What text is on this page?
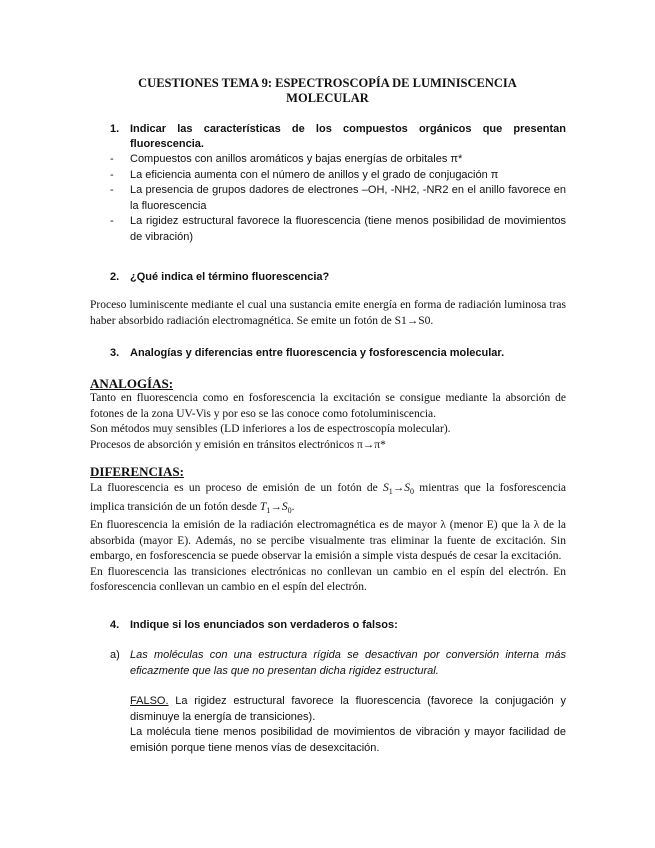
CUESTIONES TEMA 9: ESPECTROSCOPÍA DE LUMINISCENCIA
MOLECULAR
1. Indicar las características de los compuestos orgánicos que presentan fluorescencia.
- Compuestos con anillos aromáticos y bajas energías de orbitales π*
- La eficiencia aumenta con el número de anillos y el grado de conjugación π
- La presencia de grupos dadores de electrones –OH, -NH2, -NR2 en el anillo favorece en la fluorescencia
- La rigidez estructural favorece la fluorescencia (tiene menos posibilidad de movimientos de vibración)
2. ¿Qué indica el término fluorescencia?
Proceso luminiscente mediante el cual una sustancia emite energía en forma de radiación luminosa tras haber absorbido radiación electromagnética. Se emite un fotón de S1→S0.
3. Analogías y diferencias entre fluorescencia y fosforescencia molecular.
ANALOGÍAS:
Tanto en fluorescencia como en fosforescencia la excitación se consigue mediante la absorción de fotones de la zona UV-Vis y por eso se las conoce como fotoluminiscencia.
Son métodos muy sensibles (LD inferiores a los de espectroscopía molecular).
Procesos de absorción y emisión en tránsitos electrónicos π→π*
DIFERENCIAS:
La fluorescencia es un proceso de emisión de un fotón de $S_1\to S_0$ mientras que la fosforescencia implica transición de un fotón desde $T_1\to S_0$.
En fluorescencia la emisión de la radiación electromagnética es de mayor λ (menor E) que la λ de la absorbida (mayor E). Además, no se percibe visualmente tras eliminar la fuente de excitación. Sin embargo, en fosforescencia se puede observar la emisión a simple vista después de cesar la excitación.
En fluorescencia las transiciones electrónicas no conllevan un cambio en el espín del electrón. En fosforescencia conllevan un cambio en el espín del electrón.
4. Indique si los enunciados son verdaderos o falsos:
a) Las moléculas con una estructura rígida se desactivan por conversión interna más eficazmente que las que no presentan dicha rigidez estructural.
FALSO. La rigidez estructural favorece la fluorescencia (favorece la conjugación y disminuye la energía de transiciones).
La molécula tiene menos posibilidad de movimientos de vibración y mayor facilidad de emisión porque tiene menos vías de desexcitación.
